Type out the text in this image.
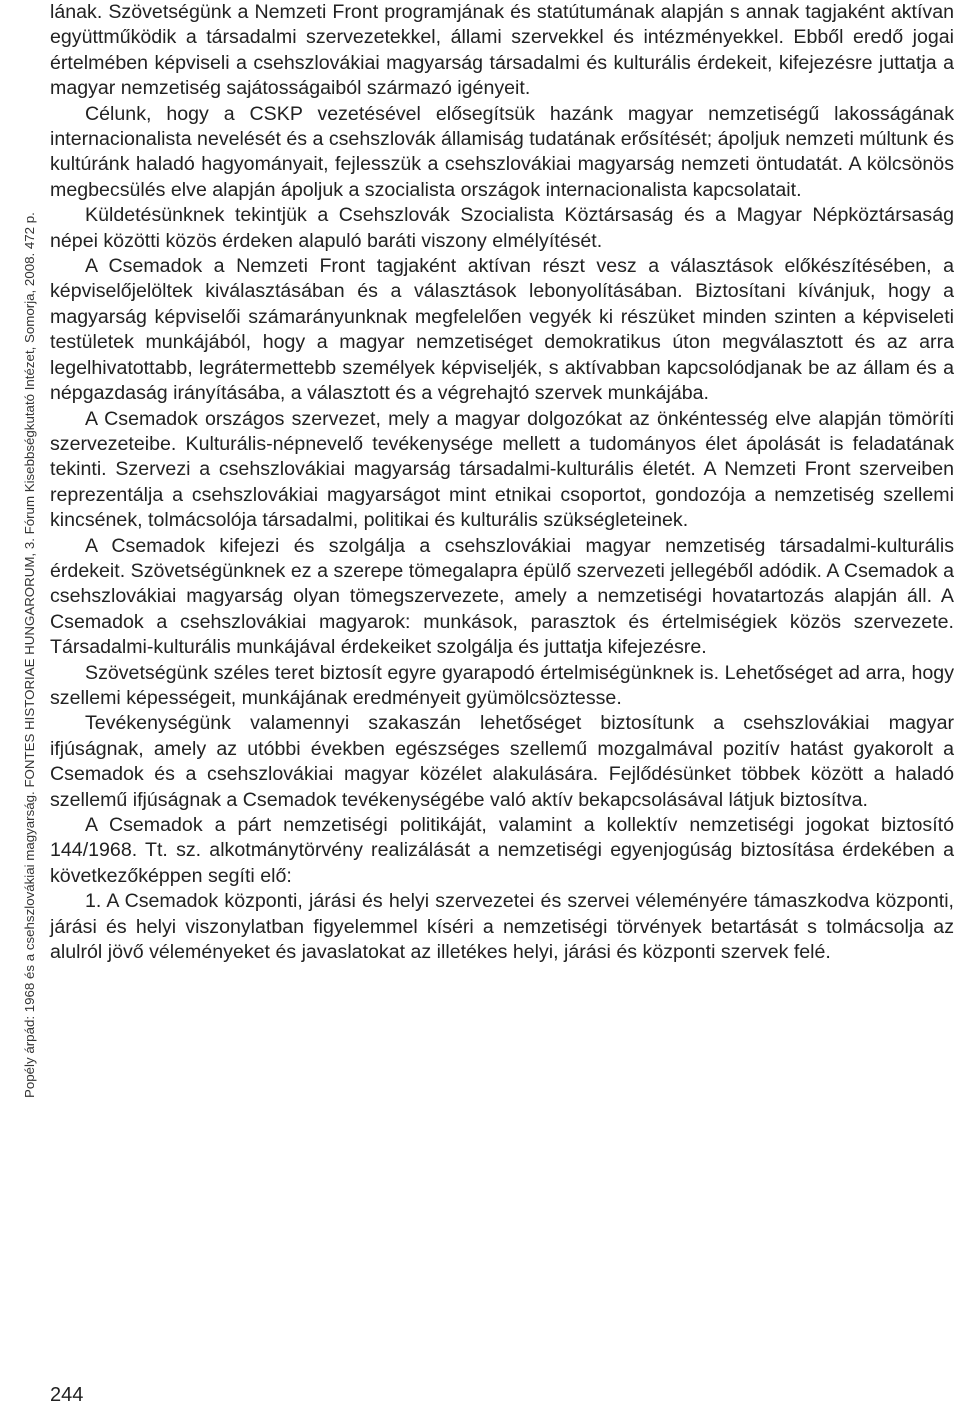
Popély árpád: 1968 és a csehszlovákiai magyarság. FONTES HISTORIAE HUNGARORUM, 3. Fórum Kisebbségkutató Intézet, Somorja, 2008. 472 p.

lának. Szövetségünk a Nemzeti Front programjának és statútumának alapján s annak tagjaként aktívan együttműködik a társadalmi szervezetekkel, állami szervekkel és intézményekkel. Ebből eredő jogai értelmében képviseli a csehszlovákiai magyarság társadalmi és kulturális érdekeit, kifejezésre juttatja a magyar nemzetiség sajátosságaiból származó igényeit.

Célunk, hogy a CSKP vezetésével elősegítsük hazánk magyar nemzetiségű lakosságának internacionalista nevelését és a csehszlovák államiság tudatának erősítését; ápoljuk nemzeti múltunk és kultúránk haladó hagyományait, fejlesszük a csehszlovákiai magyarság nemzeti öntudatát. A kölcsönös megbecsülés elve alapján ápoljuk a szocialista országok internacionalista kapcsolatait.

Küldetésünknek tekintjük a Csehszlovák Szocialista Köztársaság és a Magyar Népköztársaság népei közötti közös érdeken alapuló baráti viszony elmélyítését.

A Csemadok a Nemzeti Front tagjaként aktívan részt vesz a választások előkészítésében, a képviselőjelöltek kiválasztásában és a választások lebonyolításában. Biztosítani kívánjuk, hogy a magyarság képviselői számarányunknak megfelelően vegyék ki részüket minden szinten a képviseleti testületek munkájából, hogy a magyar nemzetiséget demokratikus úton megválasztott és az arra legelhivatottabb, legrátermettebb személyek képviseljék, s aktívabban kapcsolódjanak be az állam és a népgazdaság irányításába, a választott és a végrehajtó szervek munkájába.

A Csemadok országos szervezet, mely a magyar dolgozókat az önkéntesség elve alapján tömöríti szervezeteibe. Kulturális-népnevelő tevékenysége mellett a tudományos élet ápolását is feladatának tekinti. Szervezi a csehszlovákiai magyarság társadalmi-kulturális életét. A Nemzeti Front szerveiben reprezentálja a csehszlovákiai magyarságot mint etnikai csoportot, gondozója a nemzetiség szellemi kincsének, tolmácsolója társadalmi, politikai és kulturális szükségleteinek.

A Csemadok kifejezi és szolgálja a csehszlovákiai magyar nemzetiség társadalmi-kulturális érdekeit. Szövetségünknek ez a szerepe tömegalapra épülő szervezeti jellegéből adódik. A Csemadok a csehszlovákiai magyarság olyan tömegszervezete, amely a nemzetiségi hovatartozás alapján áll. A Csemadok a csehszlovákiai magyarok: munkások, parasztok és értelmiségiek közös szervezete. Társadalmi-kulturális munkájával érdekeiket szolgálja és juttatja kifejezésre.

Szövetségünk széles teret biztosít egyre gyarapodó értelmiségünknek is. Lehetőséget ad arra, hogy szellemi képességeit, munkájának eredményeit gyümölcsöztesse.

Tevékenységünk valamennyi szakaszán lehetőséget biztosítunk a csehszlovákiai magyar ifjúságnak, amely az utóbbi években egészséges szellemű mozgalmával pozitív hatást gyakorolt a Csemadok és a csehszlovákiai magyar közélet alakulására. Fejlődésünket többek között a haladó szellemű ifjúságnak a Csemadok tevékenységébe való aktív bekapcsolásával látjuk biztosítva.

A Csemadok a párt nemzetiségi politikáját, valamint a kollektív nemzetiségi jogokat biztosító 144/1968. Tt. sz. alkotmánytörvény realizálását a nemzetiségi egyenjogúság biztosítása érdekében a következőképpen segíti elő:

1. A Csemadok központi, járási és helyi szervezetei és szervei véleményére támaszkodva központi, járási és helyi viszonylatban figyelemmel kíséri a nemzetiségi törvények betartását s tolmácsolja az alulról jövő véleményeket és javaslatokat az illetékes helyi, járási és központi szervek felé.

244
